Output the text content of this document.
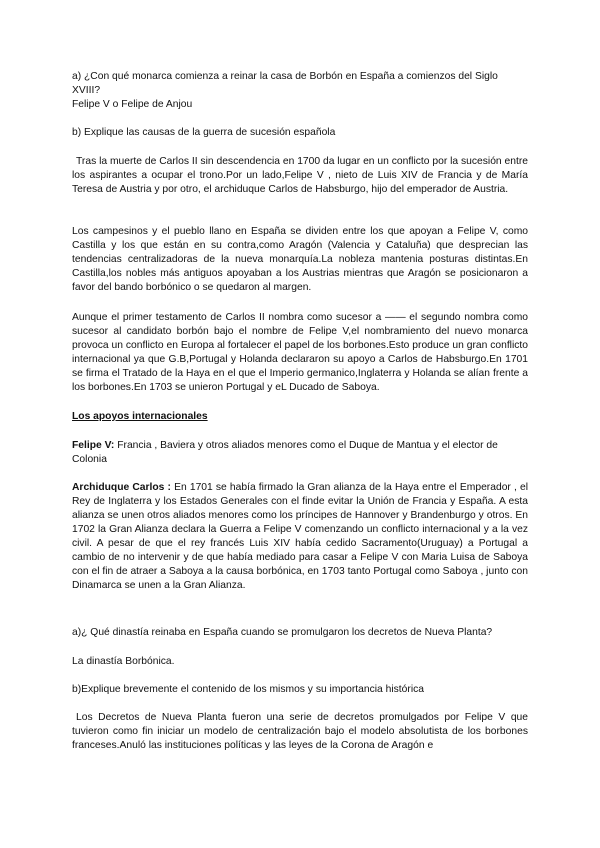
a) ¿Con qué monarca comienza a reinar la casa de Borbón en España a comienzos del Siglo XVIII?

Felipe V o Felipe de Anjou

b) Explique las causas de la guerra de sucesión española

Tras la muerte de Carlos II sin descendencia en 1700 da lugar en un conflicto por la sucesión entre los aspirantes a ocupar el trono.Por un lado,Felipe V , nieto de Luis XIV de Francia y de María Teresa de Austria y por otro, el archiduque Carlos de Habsburgo, hijo del emperador de Austria.

Los campesinos y el pueblo llano en España se dividen entre los que apoyan a Felipe V, como Castilla y los que están en su contra,como Aragón (Valencia y Cataluña) que desprecian las tendencias centralizadoras de la nueva monarquía.La nobleza mantenia posturas distintas.En Castilla,los nobles más antiguos apoyaban a los Austrias mientras que Aragón se posicionaron a favor del bando borbónico o se quedaron al margen.

Aunque el primer testamento de Carlos II nombra como sucesor a —— el segundo nombra como sucesor al candidato borbón bajo el nombre de Felipe V,el nombramiento del nuevo monarca provoca un conflicto en Europa al fortalecer el papel de los borbones.Esto produce un gran conflicto internacional ya que G.B,Portugal y Holanda declararon su apoyo a Carlos de Habsburgo.En 1701 se firma el Tratado de la Haya en el que el Imperio germanico,Inglaterra y Holanda se alían frente a los borbones.En 1703 se unieron Portugal y eL Ducado de Saboya.

Los apoyos internacionales

Felipe V: Francia , Baviera y otros aliados menores como el Duque de Mantua y el elector de Colonia

Archiduque Carlos : En 1701 se había firmado la Gran alianza de la Haya entre el Emperador , el Rey de Inglaterra y los Estados Generales con el finde evitar la Unión de Francia y España. A esta alianza se unen otros aliados menores como los príncipes de Hannover y Brandenburgo y otros. En 1702 la Gran Alianza declara la Guerra a Felipe V comenzando un conflicto internacional y a la vez civil. A pesar de que el rey francés Luis XIV había cedido Sacramento(Uruguay) a Portugal a cambio de no intervenir y de que había mediado para casar a Felipe V con Maria Luisa de Saboya con el fin de atraer a Saboya a la causa borbónica, en 1703 tanto Portugal como Saboya , junto con Dinamarca se unen a la Gran Alianza.

a)¿ Qué dinastía reinaba en España cuando se promulgaron los decretos de Nueva Planta?

La dinastía Borbónica.

b)Explique brevemente el contenido de los mismos y su importancia histórica

Los Decretos de Nueva Planta fueron una serie de decretos promulgados por Felipe V que tuvieron como fin iniciar un modelo de centralización bajo el modelo absolutista de los borbones franceses.Anuló las instituciones políticas y las leyes de la Corona de Aragón e
